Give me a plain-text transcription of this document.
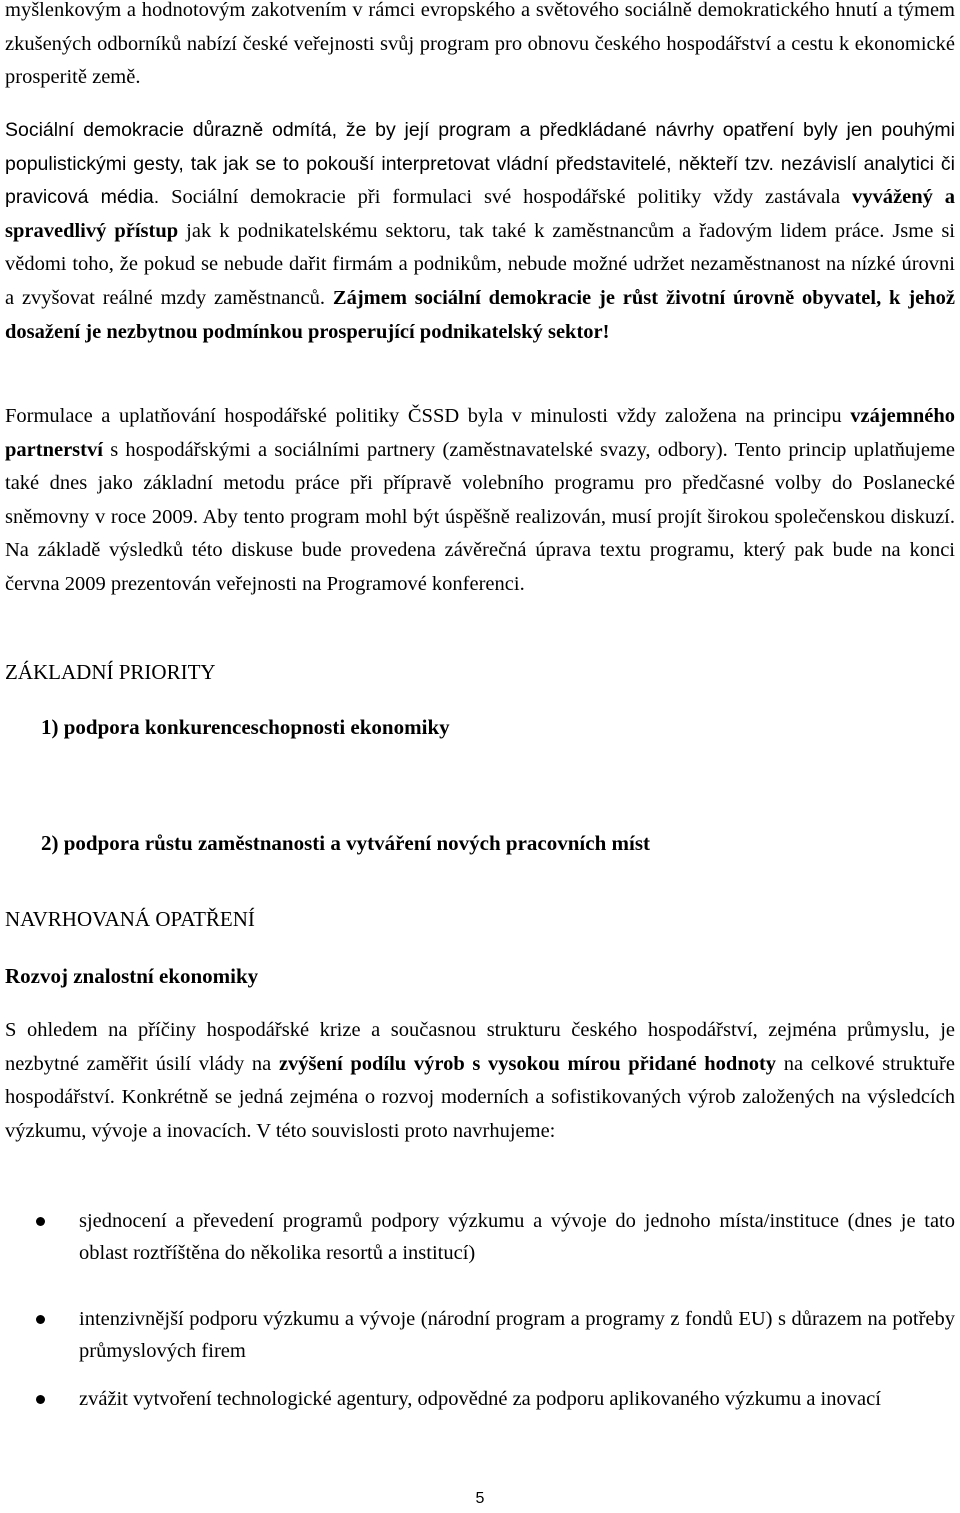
myšlenkovým a hodnotovým zakotvením v rámci evropského a světového sociálně demokratického hnutí a týmem zkušených odborníků nabízí české veřejnosti svůj program pro obnovu českého hospodářství a cestu k ekonomické prosperitě země.

Sociální demokracie důrazně odmítá, že by její program a předkládané návrhy opatření byly jen pouhými populistickými gesty, tak jak se to pokouší interpretovat vládní představitelé, někteří tzv. nezávislí analytici či pravicová média. Sociální demokracie při formulaci své hospodářské politiky vždy zastávala vyvážený a spravedlivý přístup jak k podnikatelskému sektoru, tak také k zaměstnancům a řadovým lidem práce. Jsme si vědomi toho, že pokud se nebude dařit firmám a podnikům, nebude možné udržet nezaměstnanost na nízké úrovni a zvyšovat reálné mzdy zaměstnanců. Zájmem sociální demokracie je růst životní úrovně obyvatel, k jehož dosažení je nezbytnou podmínkou prosperující podnikatelský sektor!

Formulace a uplatňování hospodářské politiky ČSSD byla v minulosti vždy založena na principu vzájemného partnerství s hospodářskými a sociálními partnery (zaměstnavatelské svazy, odbory). Tento princip uplatňujeme také dnes jako základní metodu práce při přípravě volebního programu pro předčasné volby do Poslanecké sněmovny v roce 2009. Aby tento program mohl být úspěšně realizován, musí projít širokou společenskou diskuzí. Na základě výsledků této diskuse bude provedena závěrečná úprava textu programu, který pak bude na konci června 2009 prezentován veřejnosti na Programové konferenci.

ZÁKLADNÍ PRIORITY
1) podpora konkurenceschopnosti ekonomiky
2) podpora růstu zaměstnanosti a vytváření nových pracovních míst
NAVRHOVANÁ OPATŘENÍ
Rozvoj znalostní ekonomiky

S ohledem na příčiny hospodářské krize a současnou strukturu českého hospodářství, zejména průmyslu, je nezbytné zaměřit úsilí vlády na zvýšení podílu výrob s vysokou mírou přidané hodnoty na celkové struktuře hospodářství. Konkrétně se jedná zejména o rozvoj moderních a sofistikovaných výrob založených na výsledcích výzkumu, vývoje a inovacích. V této souvislosti proto navrhujeme:

sjednocení a převedení programů podpory výzkumu a vývoje do jednoho místa/instituce (dnes je tato oblast roztříštěna do několika resortů a institucí)
intenzivnější podporu výzkumu a vývoje (národní program a programy z fondů EU) s důrazem na potřeby průmyslových firem
zvážit vytvoření technologické agentury, odpovědné za podporu aplikovaného výzkumu a inovací
5
